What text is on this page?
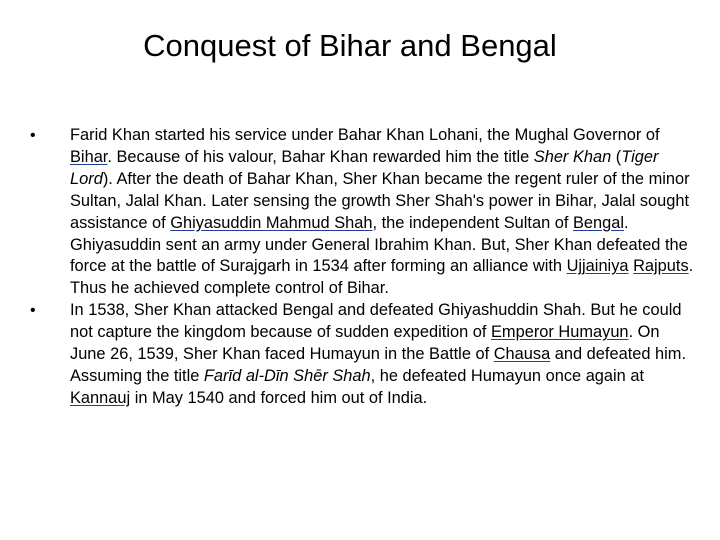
Conquest of Bihar and Bengal
• Farid Khan started his service under Bahar Khan Lohani, the Mughal Governor of Bihar. Because of his valour, Bahar Khan rewarded him the title Sher Khan (Tiger Lord). After the death of Bahar Khan, Sher Khan became the regent ruler of the minor Sultan, Jalal Khan. Later sensing the growth Sher Shah's power in Bihar, Jalal sought assistance of Ghiyasuddin Mahmud Shah, the independent Sultan of Bengal. Ghiyasuddin sent an army under General Ibrahim Khan. But, Sher Khan defeated the force at the battle of Surajgarh in 1534 after forming an alliance with Ujjainiya Rajputs. Thus he achieved complete control of Bihar.
• In 1538, Sher Khan attacked Bengal and defeated Ghiyashuddin Shah. But he could not capture the kingdom because of sudden expedition of Emperor Humayun. On June 26, 1539, Sher Khan faced Humayun in the Battle of Chausa and defeated him. Assuming the title Farīd al-Dīn Shēr Shah, he defeated Humayun once again at Kannauj in May 1540 and forced him out of India.
